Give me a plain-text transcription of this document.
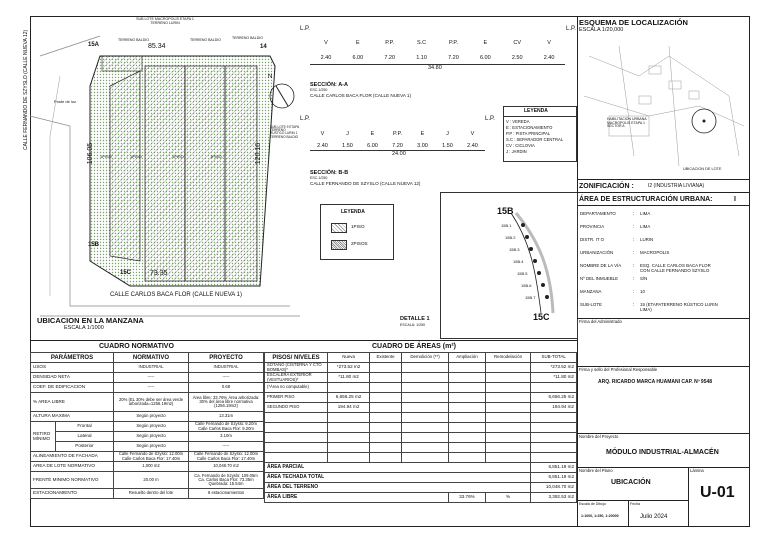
N
SUB LOTE MACROPOLIS ETAPA 1 TERRENO LURIN
TERRENO BALDIO	TERRENO BALDIO	TERRENO BALDIO
SUB LOTE 9 ETAPA TERRENO RUSTICO LURIN 1 TERRENO BALDIO
85.34
106.05	120.16
73.35
14
15A
15B
15C
1PISO	1PISO	1PISO	1PISO
CALLE FERNANDO DE SZYSLO (CALLE NUEVA 12)
CALLE CARLOS BACA FLOR (CALLE NUEVA 1)
Poste de luz
UBICACION EN LA MANZANA
ESCALA 1/1000
L.P.	L.P.
V	E	P.P.	S.C	P.P.	E	CV	V
2.40	6.00	7.20	1.10	7.20	6.00	2.50	2.40
34.80
SECCIÓN: A-A
ESC.1/250
CALLE CARLOS BACA FLOR (CALLE NUEVA 1)
LEYENDA
V : VEREDA
E : ESTACIONAMIENTO
P.P : PISTA PRINCIPAL
S.C : SEPARADOR CENTRAL
CV : CICLOVIA
J : JARDIN
L.P.	L.P.
V	J	E	P.P.	E	J	V
2.40	1.50	6.00	7.20	3.00	1.50	2.40
24.00
SECCIÓN: B-B
ESC.1/250
CALLE FERNANDO DE SZYSLO (CALLE NUEVA 12)
LEYENDA
1PISO
2PISOS
15B
15C
15B.1
15B.2
15B.3
15B.4
15B.5
15B.6
15B.7
DETALLE 1
ESCALA: 1/250
ESQUEMA DE LOCALIZACIÓN
ESCALA 1/20,000
HABILITACION URBANA MACROPOLIS ETAPA 1 SECTOR A
UBICACION DE LOTE
ZONIFICACIÓN :	I2 (INDUSTRIA LIVIANA)
ÁREA DE ESTRUCTURACIÓN URBANA:	I
DEPARTAMENTO	: LIMA
PROVINCIA	: LIMA
DISTR. IT O	: LURIN
URBANIZACIÓN	: MACROPOLIS
NOMBRE DE LA VÍA : ESQ. CALLE CARLOS BACA FLOR CON CALLE FERNANDO SZYSLO
Nº DEL INMUEBLE	: S/N
MANZANA	: 10
SUB-LOTE	: 15 (ETAPATERRENO RÚSTICO LURIN LIMA)
Firma del Administrado
Firma y sello del Profesional Responsable
ARQ. RICARDO MARCA HUAMANI CAP. Nº 9548
Nombre del Proyecto
MÓDULO INDUSTRIAL-ALMACÉN
Nombre del Plano
UBICACIÓN
Lámina
U-01
Escala de Dibujo
1:1000, 1:250, 1:20000
Fecha
Julio 2024
CUADRO NORMATIVO	CUADRO DE ÁREAS (m²)
PARÁMETROS		NORMATIVO	PROYECTO
USOS		INDUSTRIAL	INDUSTRIAL
DENSIDAD NETA		-----	-----
COEF. DE EDIFICACION		-----	0.68
% AREA LIBRE		20% (EL 30% debe ser área verde arborizada=1256.19m2)	Área libre: 33.76% Área arborizada: 30% del área libre normativa (1256.19m2)
ALTURA MAXIMA		Según proyecto	13.31m
RETIRO MÍNIMO	Frontal	Según proyecto	Calle Fernando de Szyslo: 9.20m Calle Carlos Baca Flor: 9.20m
	Lateral	Según proyecto	3.10m
	Posterior	Según proyecto	-----
ALINEAMIENTO DE FACHADA		Calle Fernando de Szyslo: 12.00m Calle Carlos Baca Flor: 17.40m	Calle Fernando de Szyslo: 12.00m Calle Carlos Baca Flor: 17.40m
AREA DE LOTE NORMATIVO		1,000 m2	10,048.70 m2
FRENTE MINIMO NORMATIVO		20.00 m	Ca. Fernando de Szyslo: 109.05m Ca. Carlos Baca Flor: 73.35m Quebrada: 15.54m
ESTACIONAMIENTO		Resuelto dentro del lote	8 estacionamientos
PISOS/ NIVELES	Nueva	Existente	Demolición (**)	Ampliación	Remodelación	SUB-TOTAL
SÓTANO (CISTERNA Y CTO BOMBAS)*	*273.52 m2					*273.52 m2
ESCALERA EXTERIOR (VESTUARIOS)*	*11.80 m2					*11.80 m2
(*Área no computable)						
PRIMER PISO	6,656.25 m2					6,656.25 m2
SEGUNDO PISO	194.94 m2					194.94 m2

ÁREA PARCIAL						6,851.19 m2
ÁREA TECHADA TOTAL						6,851.19 m2
ÁREA DEL TERRENO						10,048.70 m2
ÁREA LIBRE				33.76%	%	3,392.53 m2
